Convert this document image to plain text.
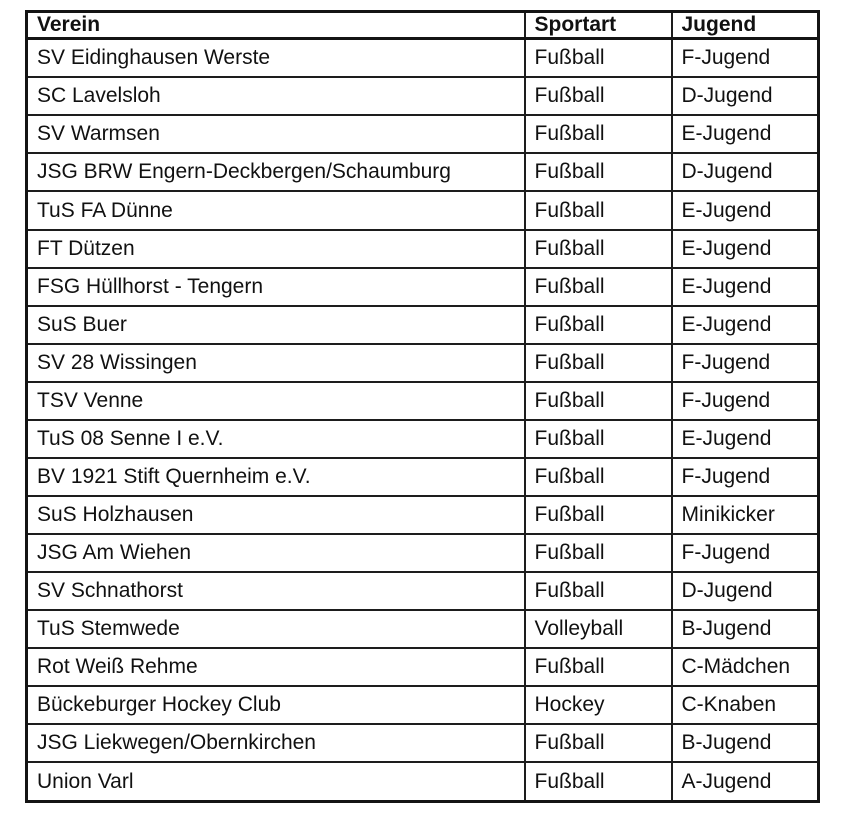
Verein	Sportart	Jugend
SV Eidinghausen Werste	Fußball	F-Jugend
SC Lavelsloh	Fußball	D-Jugend
SV Warmsen	Fußball	E-Jugend
JSG BRW Engern-Deckbergen/Schaumburg	Fußball	D-Jugend
TuS FA Dünne	Fußball	E-Jugend
FT Dützen	Fußball	E-Jugend
FSG Hüllhorst - Tengern	Fußball	E-Jugend
SuS Buer	Fußball	E-Jugend
SV 28 Wissingen	Fußball	F-Jugend
TSV Venne	Fußball	F-Jugend
TuS 08 Senne I e.V.	Fußball	E-Jugend
BV 1921 Stift Quernheim e.V.	Fußball	F-Jugend
SuS Holzhausen	Fußball	Minikicker
JSG Am Wiehen	Fußball	F-Jugend
SV Schnathorst	Fußball	D-Jugend
TuS Stemwede	Volleyball	B-Jugend
Rot Weiß Rehme	Fußball	C-Mädchen
Bückeburger Hockey Club	Hockey	C-Knaben
JSG Liekwegen/Obernkirchen	Fußball	B-Jugend
Union Varl	Fußball	A-Jugend
